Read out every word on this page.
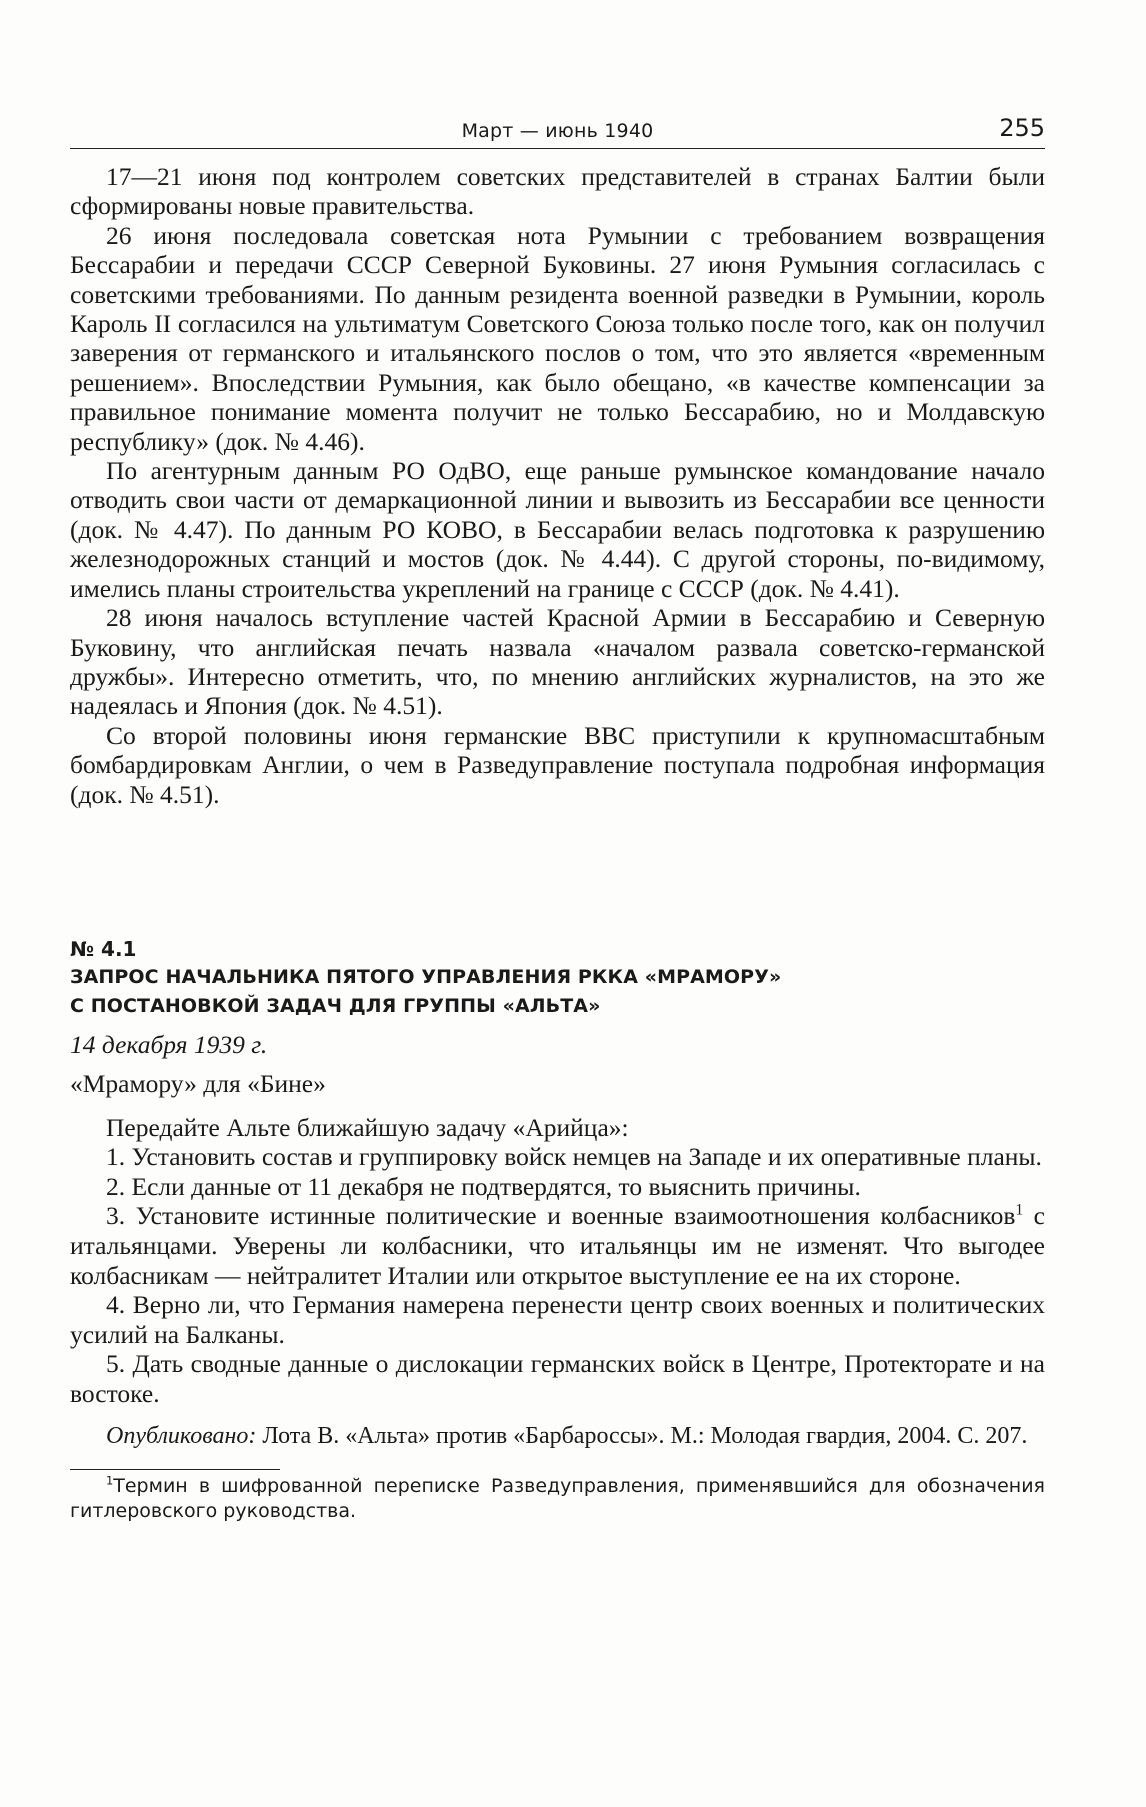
Март — июнь 1940	255

17—21 июня под контролем советских представителей в странах Балтии были сформированы новые правительства.

26 июня последовала советская нота Румынии с требованием возвращения Бессарабии и передачи СССР Северной Буковины. 27 июня Румыния согласилась с советскими требованиями. По данным резидента военной разведки в Румынии, король Кароль II согласился на ультиматум Советского Союза только после того, как он получил заверения от германского и итальянского послов о том, что это является «временным решением». Впоследствии Румыния, как было обещано, «в качестве компенсации за правильное понимание момента получит не только Бессарабию, но и Молдавскую республику» (док. № 4.46).

По агентурным данным РО ОдВО, еще раньше румынское командование начало отводить свои части от демаркационной линии и вывозить из Бессарабии все ценности (док. № 4.47). По данным РО КОВО, в Бессарабии велась подготовка к разрушению железнодорожных станций и мостов (док. № 4.44). С другой стороны, по-видимому, имелись планы строительства укреплений на границе с СССР (док. № 4.41).

28 июня началось вступление частей Красной Армии в Бессарабию и Северную Буковину, что английская печать назвала «началом развала советско-германской дружбы». Интересно отметить, что, по мнению английских журналистов, на это же надеялась и Япония (док. № 4.51).

Со второй половины июня германские ВВС приступили к крупномасштабным бомбардировкам Англии, о чем в Разведуправление поступала подробная информация (док. № 4.51).

№ 4.1
ЗАПРОС НАЧАЛЬНИКА ПЯТОГО УПРАВЛЕНИЯ РККА «МРАМОРУ»
С ПОСТАНОВКОЙ ЗАДАЧ ДЛЯ ГРУППЫ «АЛЬТА»
14 декабря 1939 г.

«Мрамору» для «Бине»

Передайте Альте ближайшую задачу «Арийца»:

1. Установить состав и группировку войск немцев на Западе и их оперативные планы.

2. Если данные от 11 декабря не подтвердятся, то выяснить причины.

3. Установите истинные политические и военные взаимоотношения колбасников$^1$ с итальянцами. Уверены ли колбасники, что итальянцы им не изменят. Что выгодее колбасникам — нейтралитет Италии или открытое выступление ее на их стороне.

4. Верно ли, что Германия намерена перенести центр своих военных и политических усилий на Балканы.

5. Дать сводные данные о дислокации германских войск в Центре, Протекторате и на востоке.

Опубликовано: Лота В. «Альта» против «Барбароссы». М.: Молодая гвардия, 2004. С. 207.
$^1$Термин в шифрованной переписке Разведуправления, применявшийся для обозначения гитлеровского руководства.
